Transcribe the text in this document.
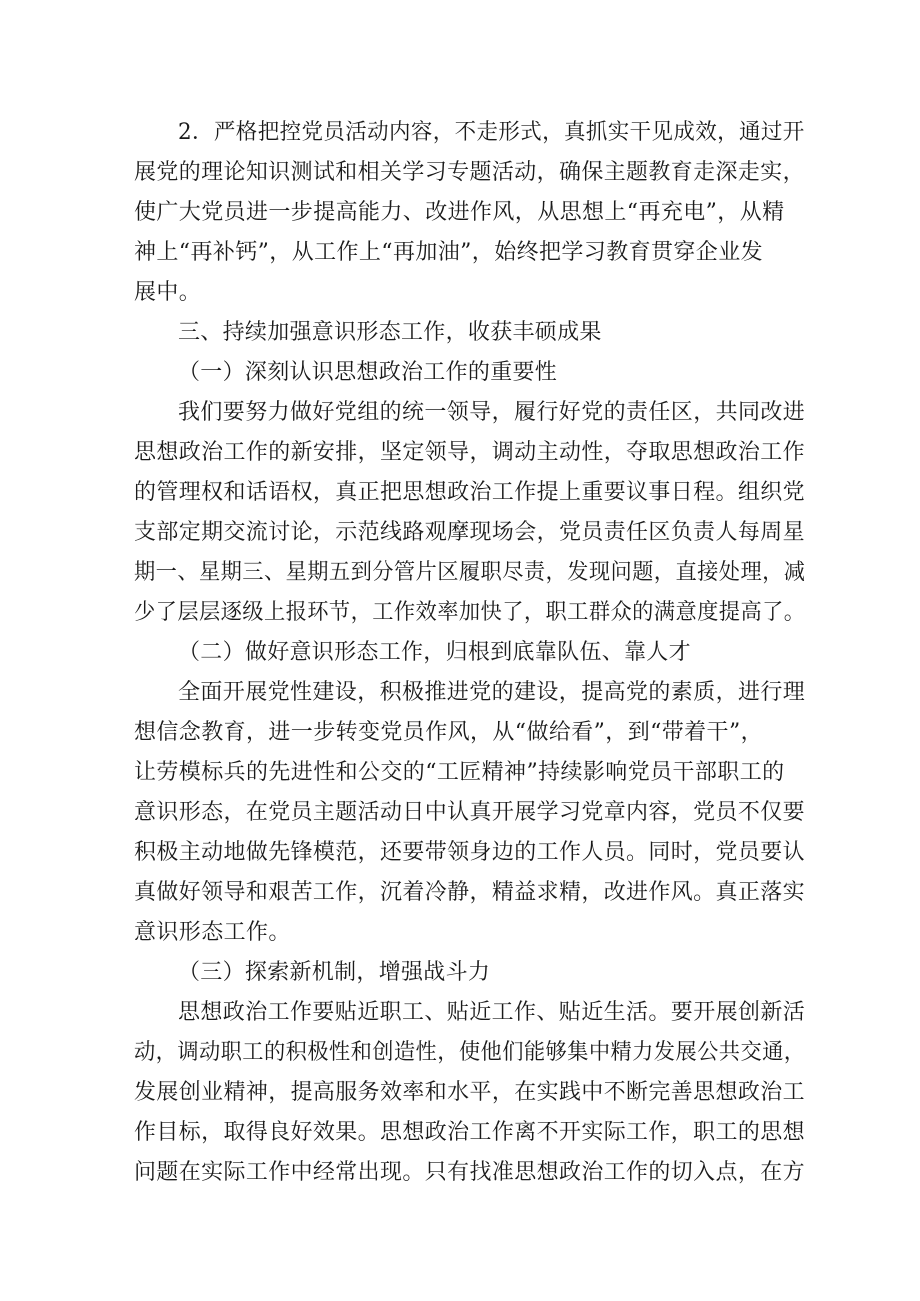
2．严格把控党员活动内容，不走形式，真抓实干见成效，通过开
展党的理论知识测试和相关学习专题活动，确保主题教育走深走实，
使广大党员进一步提高能力、改进作风，从思想上“再充电”，从精
神上“再补钙”，从工作上“再加油”，始终把学习教育贯穿企业发
展中。
三、持续加强意识形态工作，收获丰硕成果
（一）深刻认识思想政治工作的重要性
我们要努力做好党组的统一领导，履行好党的责任区，共同改进
思想政治工作的新安排，坚定领导，调动主动性，夺取思想政治工作
的管理权和话语权，真正把思想政治工作提上重要议事日程。组织党
支部定期交流讨论，示范线路观摩现场会，党员责任区负责人每周星
期一、星期三、星期五到分管片区履职尽责，发现问题，直接处理，减
少了层层逐级上报环节，工作效率加快了，职工群众的满意度提高了。
（二）做好意识形态工作，归根到底靠队伍、靠人才
全面开展党性建设，积极推进党的建设，提高党的素质，进行理
想信念教育，进一步转变党员作风，从“做给看”，到“带着干”，
让劳模标兵的先进性和公交的“工匠精神”持续影响党员干部职工的
意识形态，在党员主题活动日中认真开展学习党章内容，党员不仅要
积极主动地做先锋模范，还要带领身边的工作人员。同时，党员要认
真做好领导和艰苦工作，沉着冷静，精益求精，改进作风。真正落实
意识形态工作。
（三）探索新机制，增强战斗力
思想政治工作要贴近职工、贴近工作、贴近生活。要开展创新活
动，调动职工的积极性和创造性，使他们能够集中精力发展公共交通，
发展创业精神，提高服务效率和水平，在实践中不断完善思想政治工
作目标，取得良好效果。思想政治工作离不开实际工作，职工的思想
问题在实际工作中经常出现。只有找准思想政治工作的切入点，在方
